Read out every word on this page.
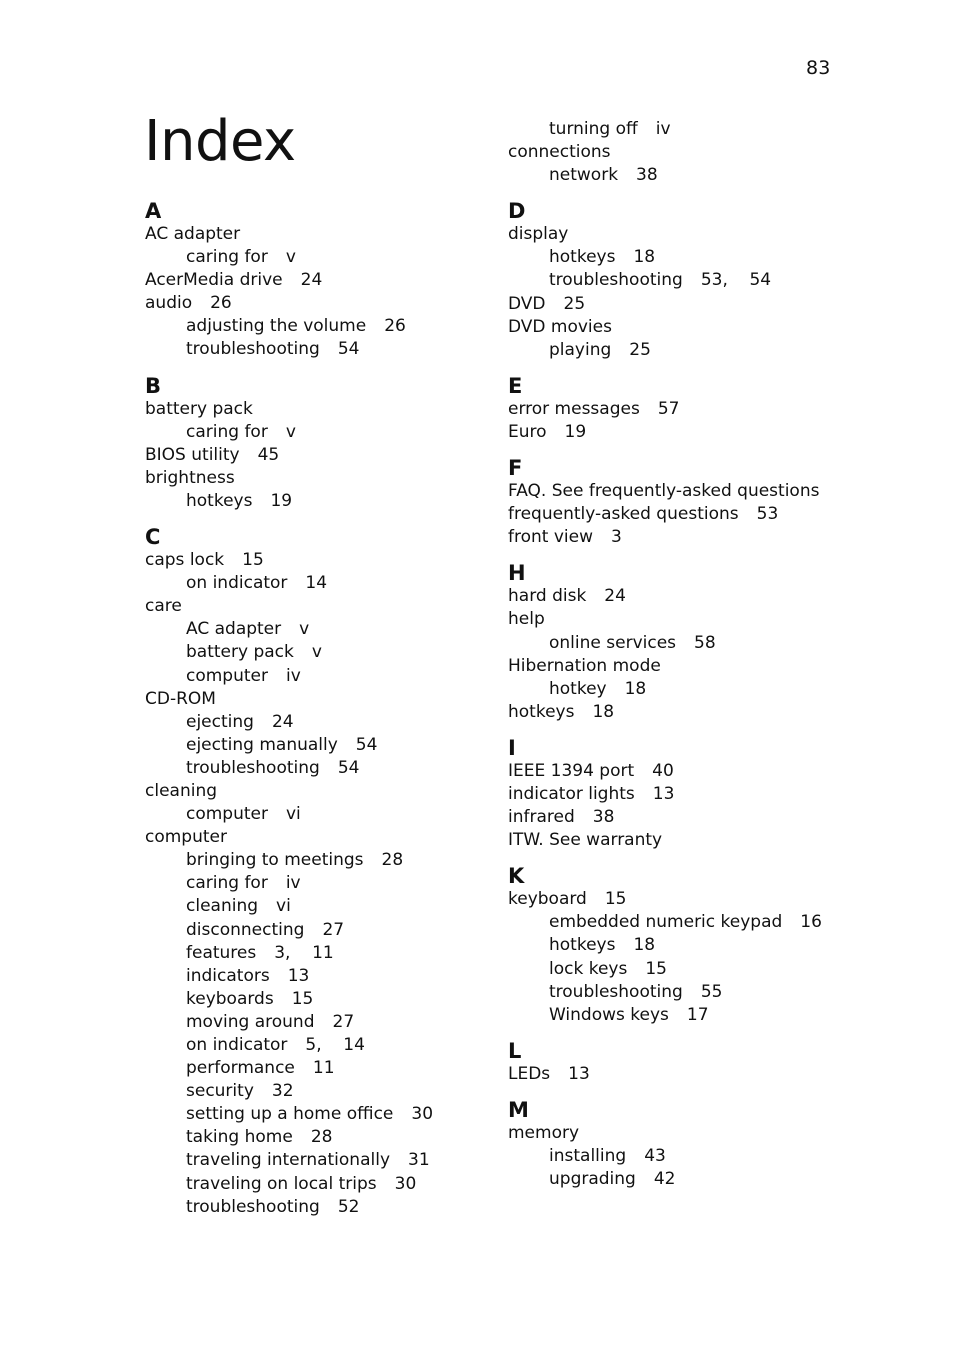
83
Index
A
AC adapter
caring for v
AcerMedia drive 24
audio 26
adjusting the volume 26
troubleshooting 54
B
battery pack
caring for v
BIOS utility 45
brightness
hotkeys 19
C
caps lock 15
on indicator 14
care
AC adapter v
battery pack v
computer iv
CD-ROM
ejecting 24
ejecting manually 54
troubleshooting 54
cleaning
computer vi
computer
bringing to meetings 28
caring for iv
cleaning vi
disconnecting 27
features 3,    11
indicators 13
keyboards 15
moving around 27
on indicator 5,    14
performance 11
security 32
setting up a home office 30
taking home 28
traveling internationally 31
traveling on local trips 30
troubleshooting 52
turning off iv
connections
network 38
D
display
hotkeys 18
troubleshooting 53,    54
DVD 25
DVD movies
playing 25
E
error messages 57
Euro 19
F
FAQ. See frequently-asked questions
frequently-asked questions 53
front view 3
H
hard disk 24
help
online services 58
Hibernation mode
hotkey 18
hotkeys 18
I
IEEE 1394 port 40
indicator lights 13
infrared 38
ITW. See warranty
K
keyboard 15
embedded numeric keypad 16
hotkeys 18
lock keys 15
troubleshooting 55
Windows keys 17
L
LEDs 13
M
memory
installing 43
upgrading 42
